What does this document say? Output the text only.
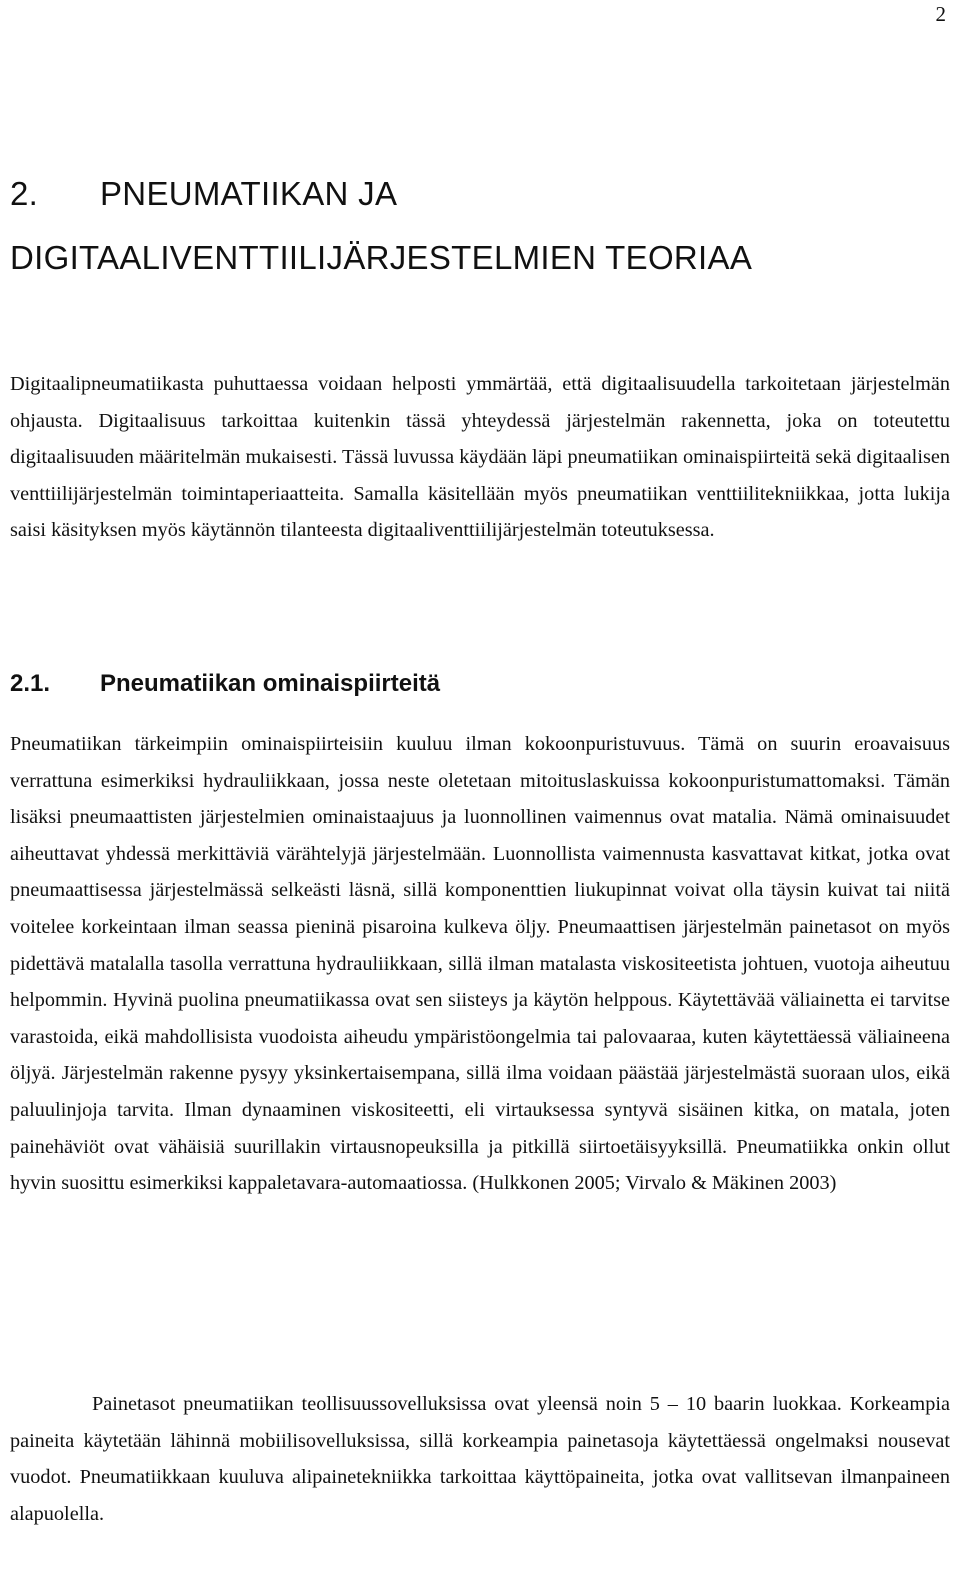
2
2. PNEUMATIIKAN JA
DIGITAALIVENTTIILIJÄRJESTELMIEN TEORIAA

Digitaalipneumatiikasta puhuttaessa voidaan helposti ymmärtää, että digitaalisuudella tarkoitetaan järjestelmän ohjausta. Digitaalisuus tarkoittaa kuitenkin tässä yhteydessä järjestelmän rakennetta, joka on toteutettu digitaalisuuden määritelmän mukaisesti. Tässä luvussa käydään läpi pneumatiikan ominaispiirteitä sekä digitaalisen venttiilijärjestelmän toimintaperiaatteita. Samalla käsitellään myös pneumatiikan venttiilitekniikkaa, jotta lukija saisi käsityksen myös käytännön tilanteesta digitaaliventtiilijärjestelmän toteutuksessa.

2.1. Pneumatiikan ominaispiirteitä

Pneumatiikan tärkeimpiin ominaispiirteisiin kuuluu ilman kokoonpuristuvuus. Tämä on suurin eroavaisuus verrattuna esimerkiksi hydrauliikkaan, jossa neste oletetaan mitoituslaskuissa kokoonpuristumattomaksi. Tämän lisäksi pneumaattisten järjestelmien ominaistaajuus ja luonnollinen vaimennus ovat matalia. Nämä ominaisuudet aiheuttavat yhdessä merkittäviä värähtelyjä järjestelmään. Luonnollista vaimennusta kasvattavat kitkat, jotka ovat pneumaattisessa järjestelmässä selkeästi läsnä, sillä komponenttien liukupinnat voivat olla täysin kuivat tai niitä voitelee korkeintaan ilman seassa pieninä pisaroina kulkeva öljy. Pneumaattisen järjestelmän painetasot on myös pidettävä matalalla tasolla verrattuna hydrauliikkaan, sillä ilman matalasta viskositeetista johtuen, vuotoja aiheutuu helpommin. Hyvinä puolina pneumatiikassa ovat sen siisteys ja käytön helppous. Käytettävää väliainetta ei tarvitse varastoida, eikä mahdollisista vuodoista aiheudu ympäristöongelmia tai palovaaraa, kuten käytettäessä väliaineena öljyä. Järjestelmän rakenne pysyy yksinkertaisempana, sillä ilma voidaan päästää järjestelmästä suoraan ulos, eikä paluulinjoja tarvita. Ilman dynaaminen viskositeetti, eli virtauksessa syntyvä sisäinen kitka, on matala, joten painehäviöt ovat vähäisiä suurillakin virtausnopeuksilla ja pitkillä siirtoetäisyyksillä. Pneumatiikka onkin ollut hyvin suosittu esimerkiksi kappaletavara-automaatiossa. (Hulkkonen 2005; Virvalo & Mäkinen 2003)

Painetasot pneumatiikan teollisuussovelluksissa ovat yleensä noin 5 – 10 baarin luokkaa. Korkeampia paineita käytetään lähinnä mobiilisovelluksissa, sillä korkeampia painetasoja käytettäessä ongelmaksi nousevat vuodot. Pneumatiikkaan kuuluva alipainetekniikka tarkoittaa käyttöpaineita, jotka ovat vallitsevan ilmanpaineen alapuolella.
